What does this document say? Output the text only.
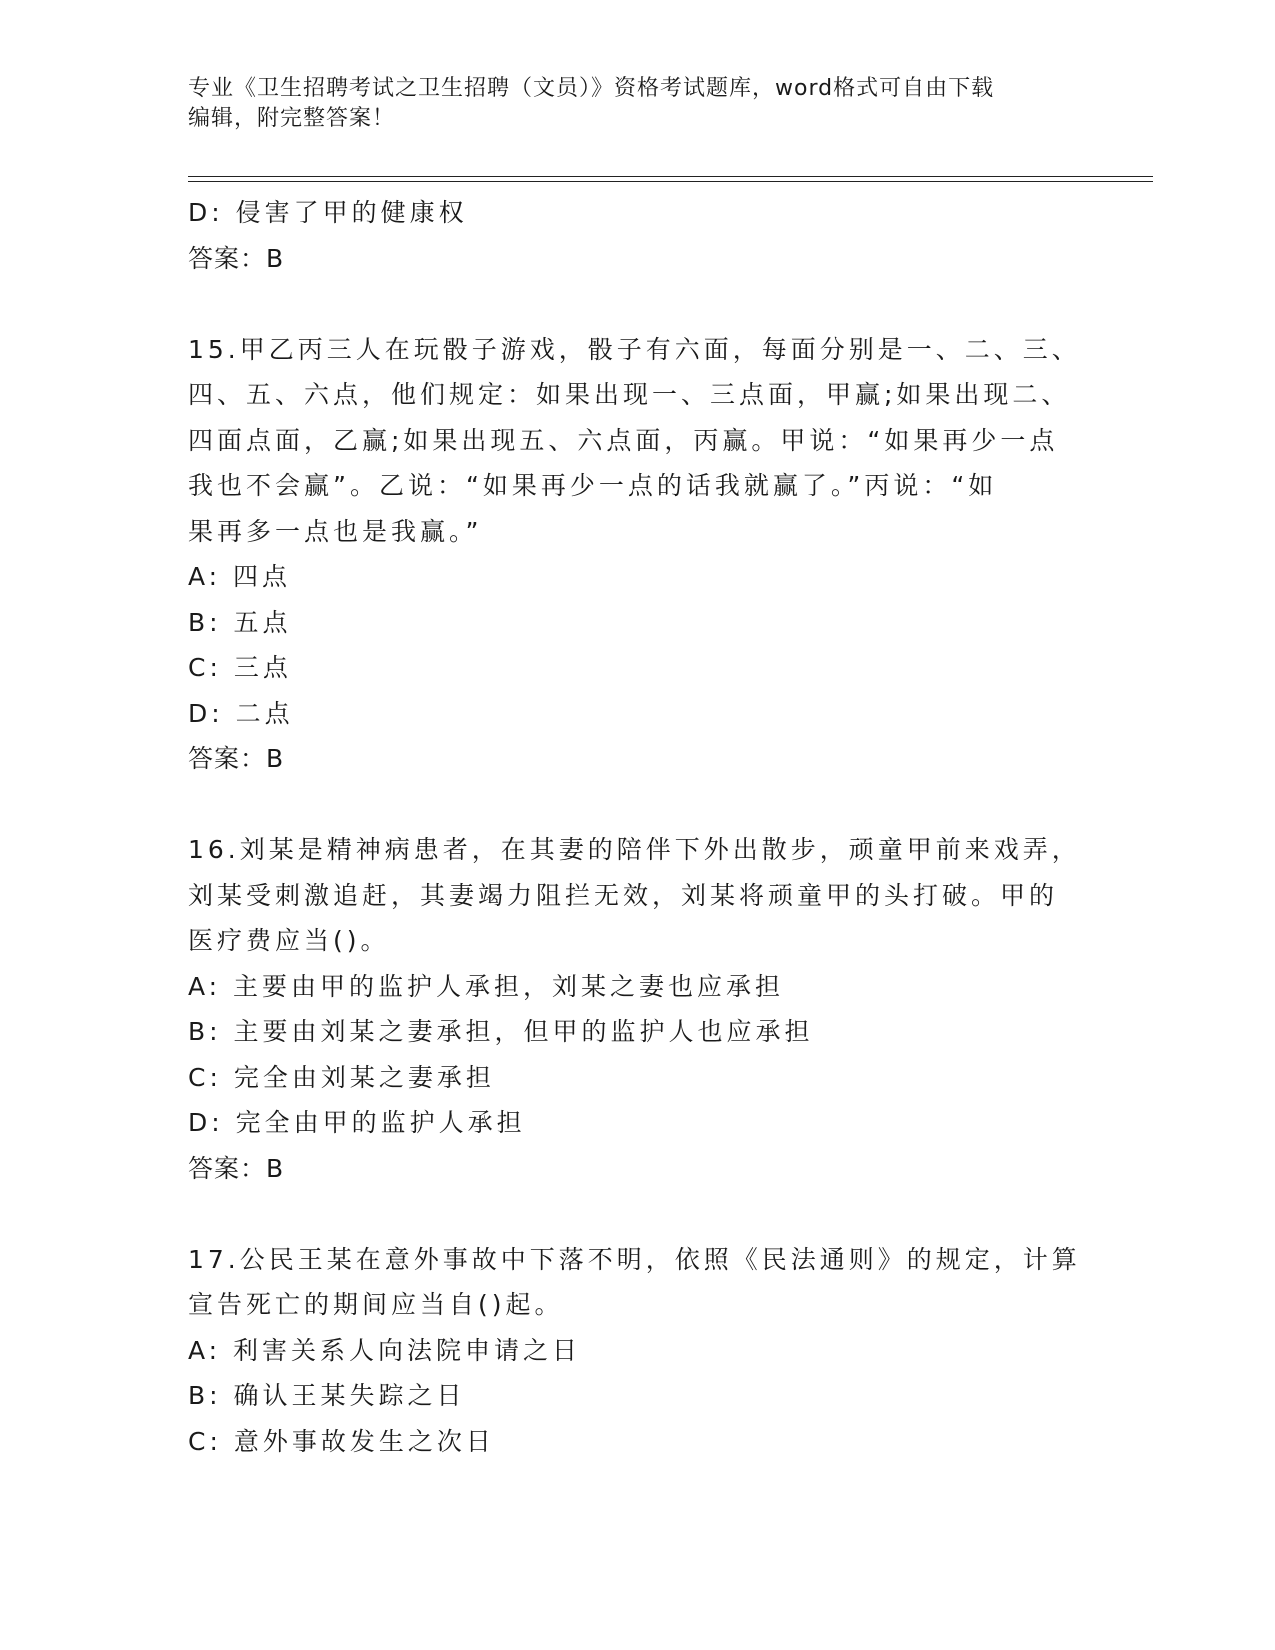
专业《卫生招聘考试之卫生招聘（文员）》资格考试题库，word格式可自由下载

编辑，附完整答案！

D: 侵害了甲的健康权
答案：B
15.甲乙丙三人在玩骰子游戏，骰子有六面，每面分别是一、二、三、
四、五、六点，他们规定：如果出现一、三点面，甲赢;如果出现二、
四面点面，乙赢;如果出现五、六点面，丙赢。甲说：“如果再少一点
我也不会赢”。乙说：“如果再少一点的话我就赢了。”丙说：“如
果再多一点也是我赢。”
A: 四点
B: 五点
C: 三点
D: 二点
答案：B
16.刘某是精神病患者，在其妻的陪伴下外出散步，顽童甲前来戏弄，
刘某受刺激追赶，其妻竭力阻拦无效，刘某将顽童甲的头打破。甲的
医疗费应当()。
A: 主要由甲的监护人承担，刘某之妻也应承担
B: 主要由刘某之妻承担，但甲的监护人也应承担
C: 完全由刘某之妻承担
D: 完全由甲的监护人承担
答案：B
17.公民王某在意外事故中下落不明，依照《民法通则》的规定，计算
宣告死亡的期间应当自()起。
A: 利害关系人向法院申请之日
B: 确认王某失踪之日
C: 意外事故发生之次日
